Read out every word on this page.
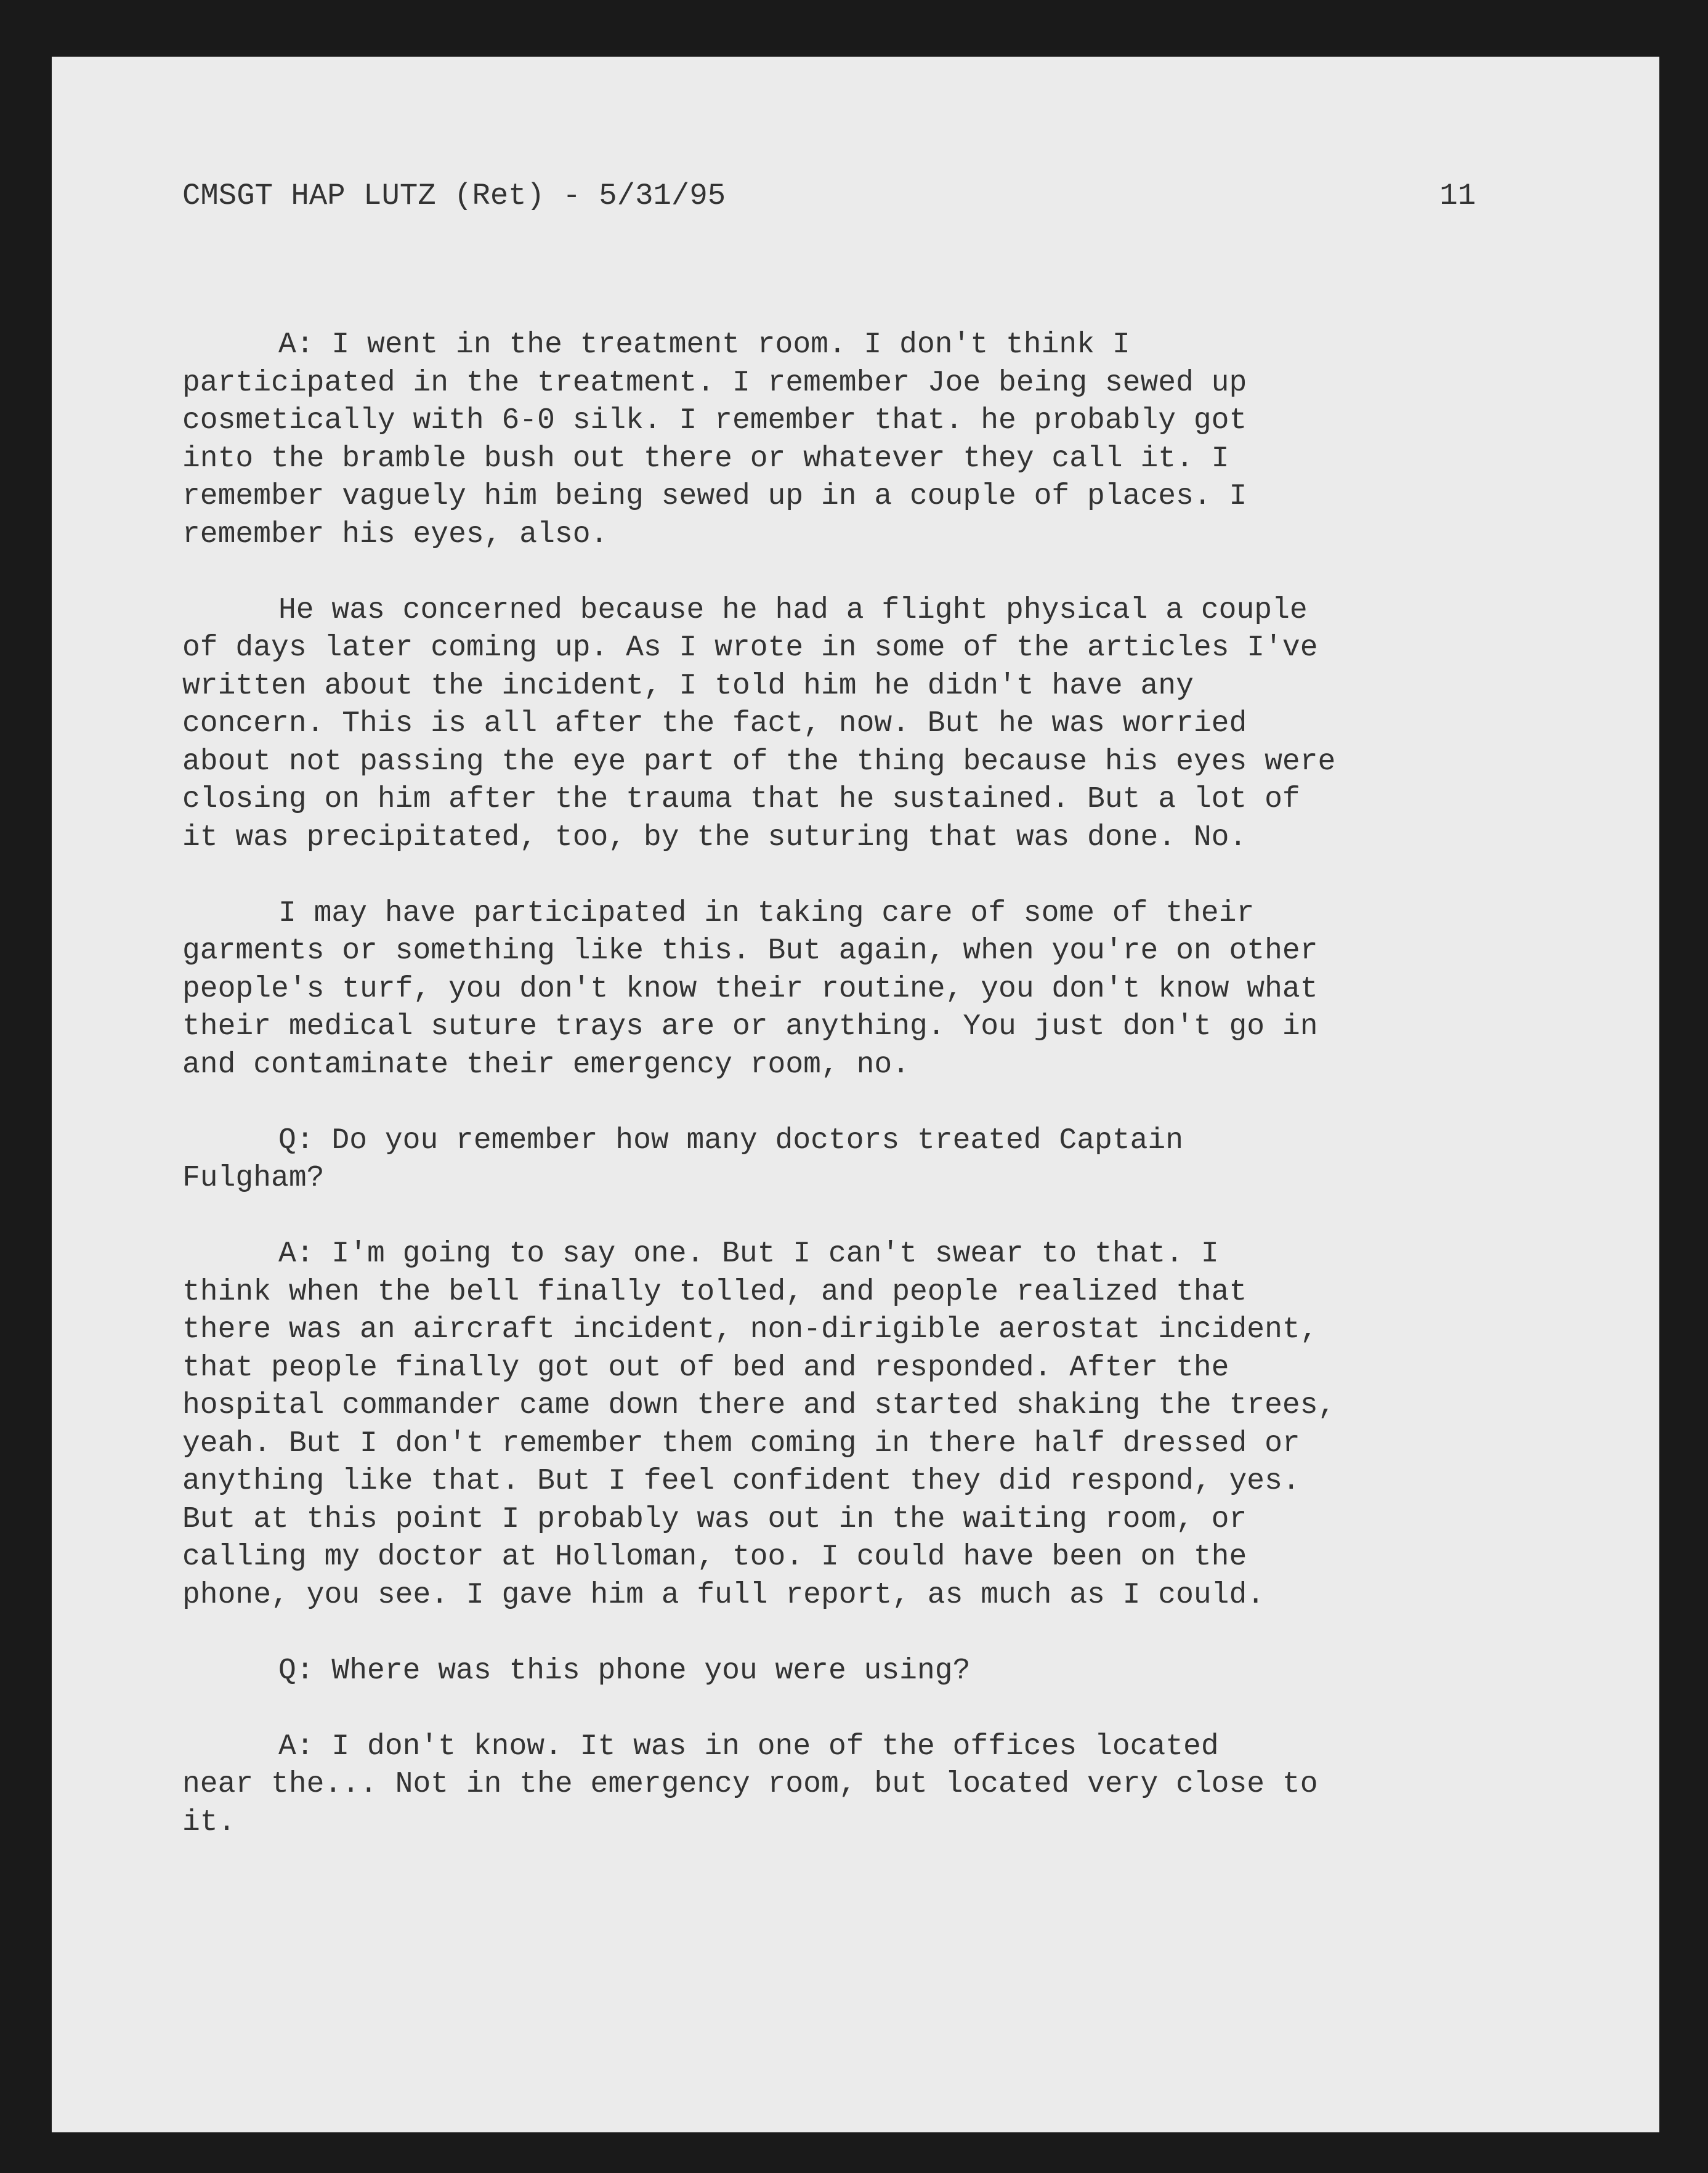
CMSGT HAP LUTZ (Ret) - 5/31/95	11

A: I went in the treatment room. I don't think I
participated in the treatment. I remember Joe being sewed up
cosmetically with 6-0 silk. I remember that. he probably got
into the bramble bush out there or whatever they call it. I
remember vaguely him being sewed up in a couple of places. I
remember his eyes, also.

He was concerned because he had a flight physical a couple
of days later coming up. As I wrote in some of the articles I've
written about the incident, I told him he didn't have any
concern. This is all after the fact, now. But he was worried
about not passing the eye part of the thing because his eyes were
closing on him after the trauma that he sustained. But a lot of
it was precipitated, too, by the suturing that was done. No.

I may have participated in taking care of some of their
garments or something like this. But again, when you're on other
people's turf, you don't know their routine, you don't know what
their medical suture trays are or anything. You just don't go in
and contaminate their emergency room, no.

Q: Do you remember how many doctors treated Captain
Fulgham?

A: I'm going to say one. But I can't swear to that. I
think when the bell finally tolled, and people realized that
there was an aircraft incident, non-dirigible aerostat incident,
that people finally got out of bed and responded. After the
hospital commander came down there and started shaking the trees,
yeah. But I don't remember them coming in there half dressed or
anything like that. But I feel confident they did respond, yes.
But at this point I probably was out in the waiting room, or
calling my doctor at Holloman, too. I could have been on the
phone, you see. I gave him a full report, as much as I could.

Q: Where was this phone you were using?

A: I don't know. It was in one of the offices located
near the... Not in the emergency room, but located very close to
it.
